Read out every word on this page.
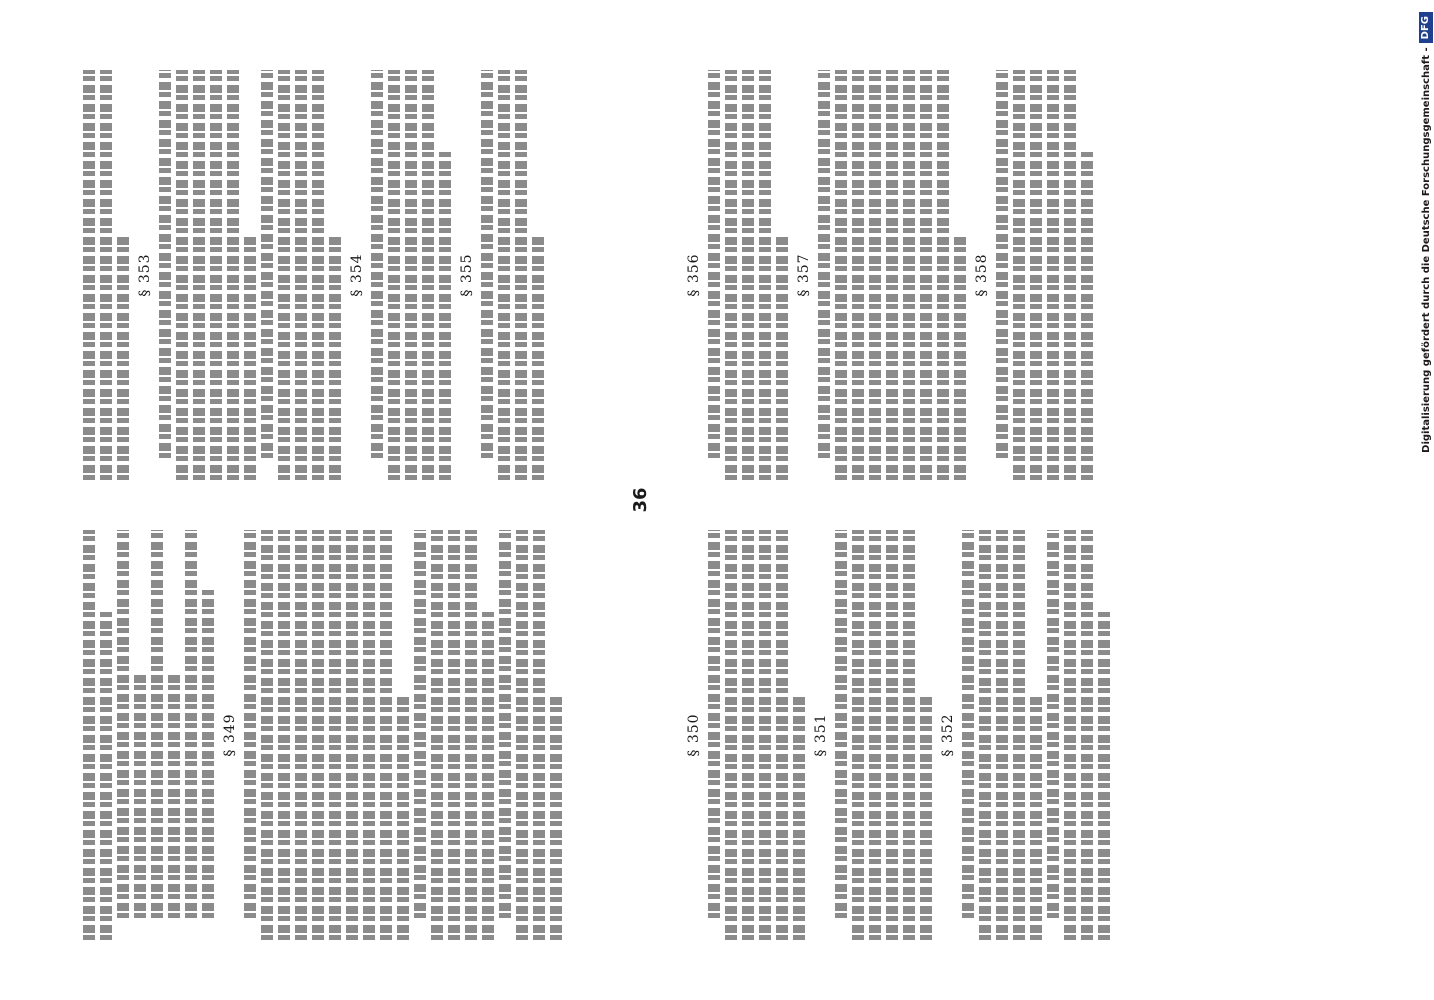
§ 349
§ 353	§ 354	§ 355
36
§ 350	§ 351	§ 352
§ 356	§ 357	§ 358	Digitalisierung gefördert durch die Deutsche Forschungsgemeinschaft -
DFG
